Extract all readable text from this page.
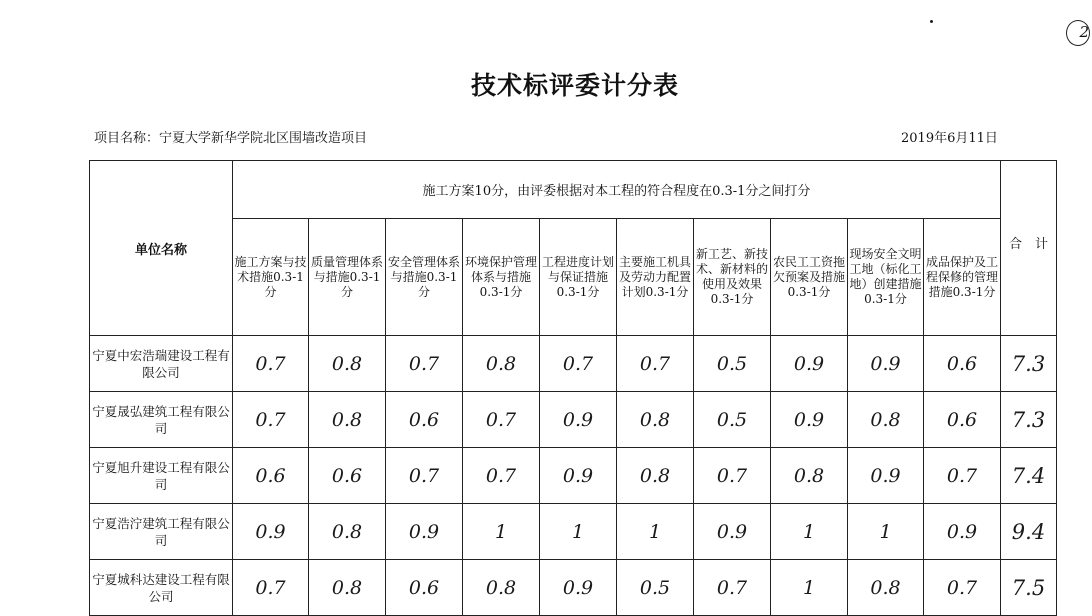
2
技术标评委计分表
项目名称：宁夏大学新华学院北区围墙改造项目	2019年6月11日
单位名称	施工方案10分，由评委根据对本工程的符合程度在0.3-1分之间打分										合　计
	施工方案与技术措施0.3-1分	质量管理体系与措施0.3-1分	安全管理体系与措施0.3-1分	环境保护管理体系与措施0.3-1分	工程进度计划与保证措施0.3-1分	主要施工机具及劳动力配置计划0.3-1分	新工艺、新技术、新材料的使用及效果0.3-1分	农民工工资拖欠预案及措施0.3-1分	现场安全文明工地（标化工地）创建措施0.3-1分	成品保护及工程保修的管理措施0.3-1分	
宁夏中宏浩瑞建设工程有限公司	0.7	0.8	0.7	0.8	0.7	0.7	0.5	0.9	0.9	0.6	7.3
宁夏晟弘建筑工程有限公司	0.7	0.8	0.6	0.7	0.9	0.8	0.5	0.9	0.8	0.6	7.3
宁夏旭升建设工程有限公司	0.6	0.6	0.7	0.7	0.9	0.8	0.7	0.8	0.9	0.7	7.4
宁夏浩泞建筑工程有限公司	0.9	0.8	0.9	1	1	1	0.9	1	1	0.9	9.4
宁夏城科达建设工程有限公司	0.7	0.8	0.6	0.8	0.9	0.5	0.7	1	0.8	0.7	7.5
